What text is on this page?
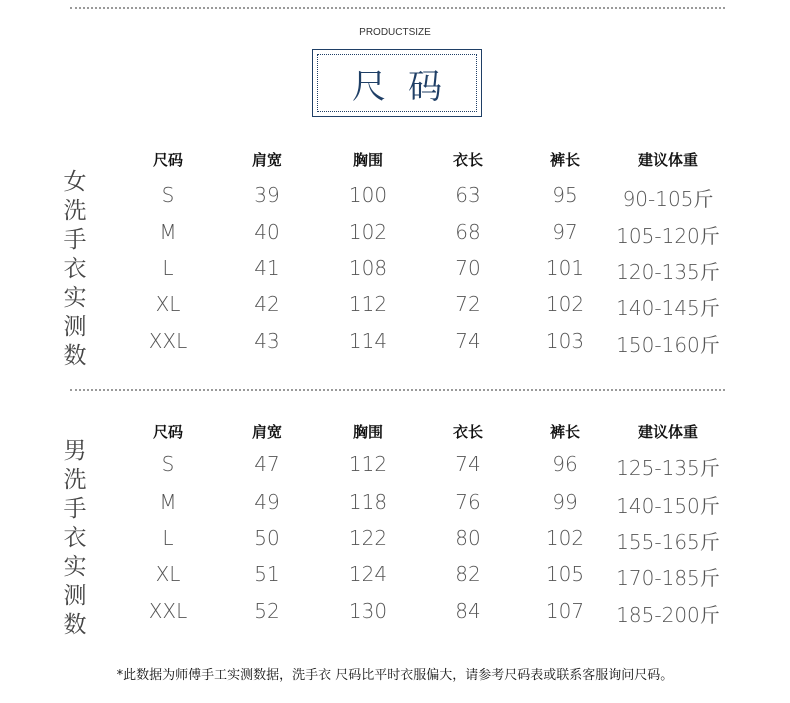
PRODUCTSIZE
尺码
女
洗
手
衣
实
测
数
尺码	肩宽	胸围	衣长	裤长	建议体重
S	39	100	63	95 90-105斤
M	40	102	68	97 105-120斤
L	41	108	70	101 120-135斤
XL	42	112	72	102 140-145斤
XXL	43	114	74	103 150-160斤
男
洗
手
衣
实
测
数
尺码	肩宽	胸围	衣长	裤长	建议体重
S	47	112	74	96 125-135斤
M	49	118	76	99 140-150斤
L	50	122	80	102 155-165斤
XL	51	124	82	105 170-185斤
XXL	52	130	84	107 185-200斤
*此数据为师傅手工实测数据，洗手衣 尺码比平时衣服偏大，请参考尺码表或联系客服询问尺码。
